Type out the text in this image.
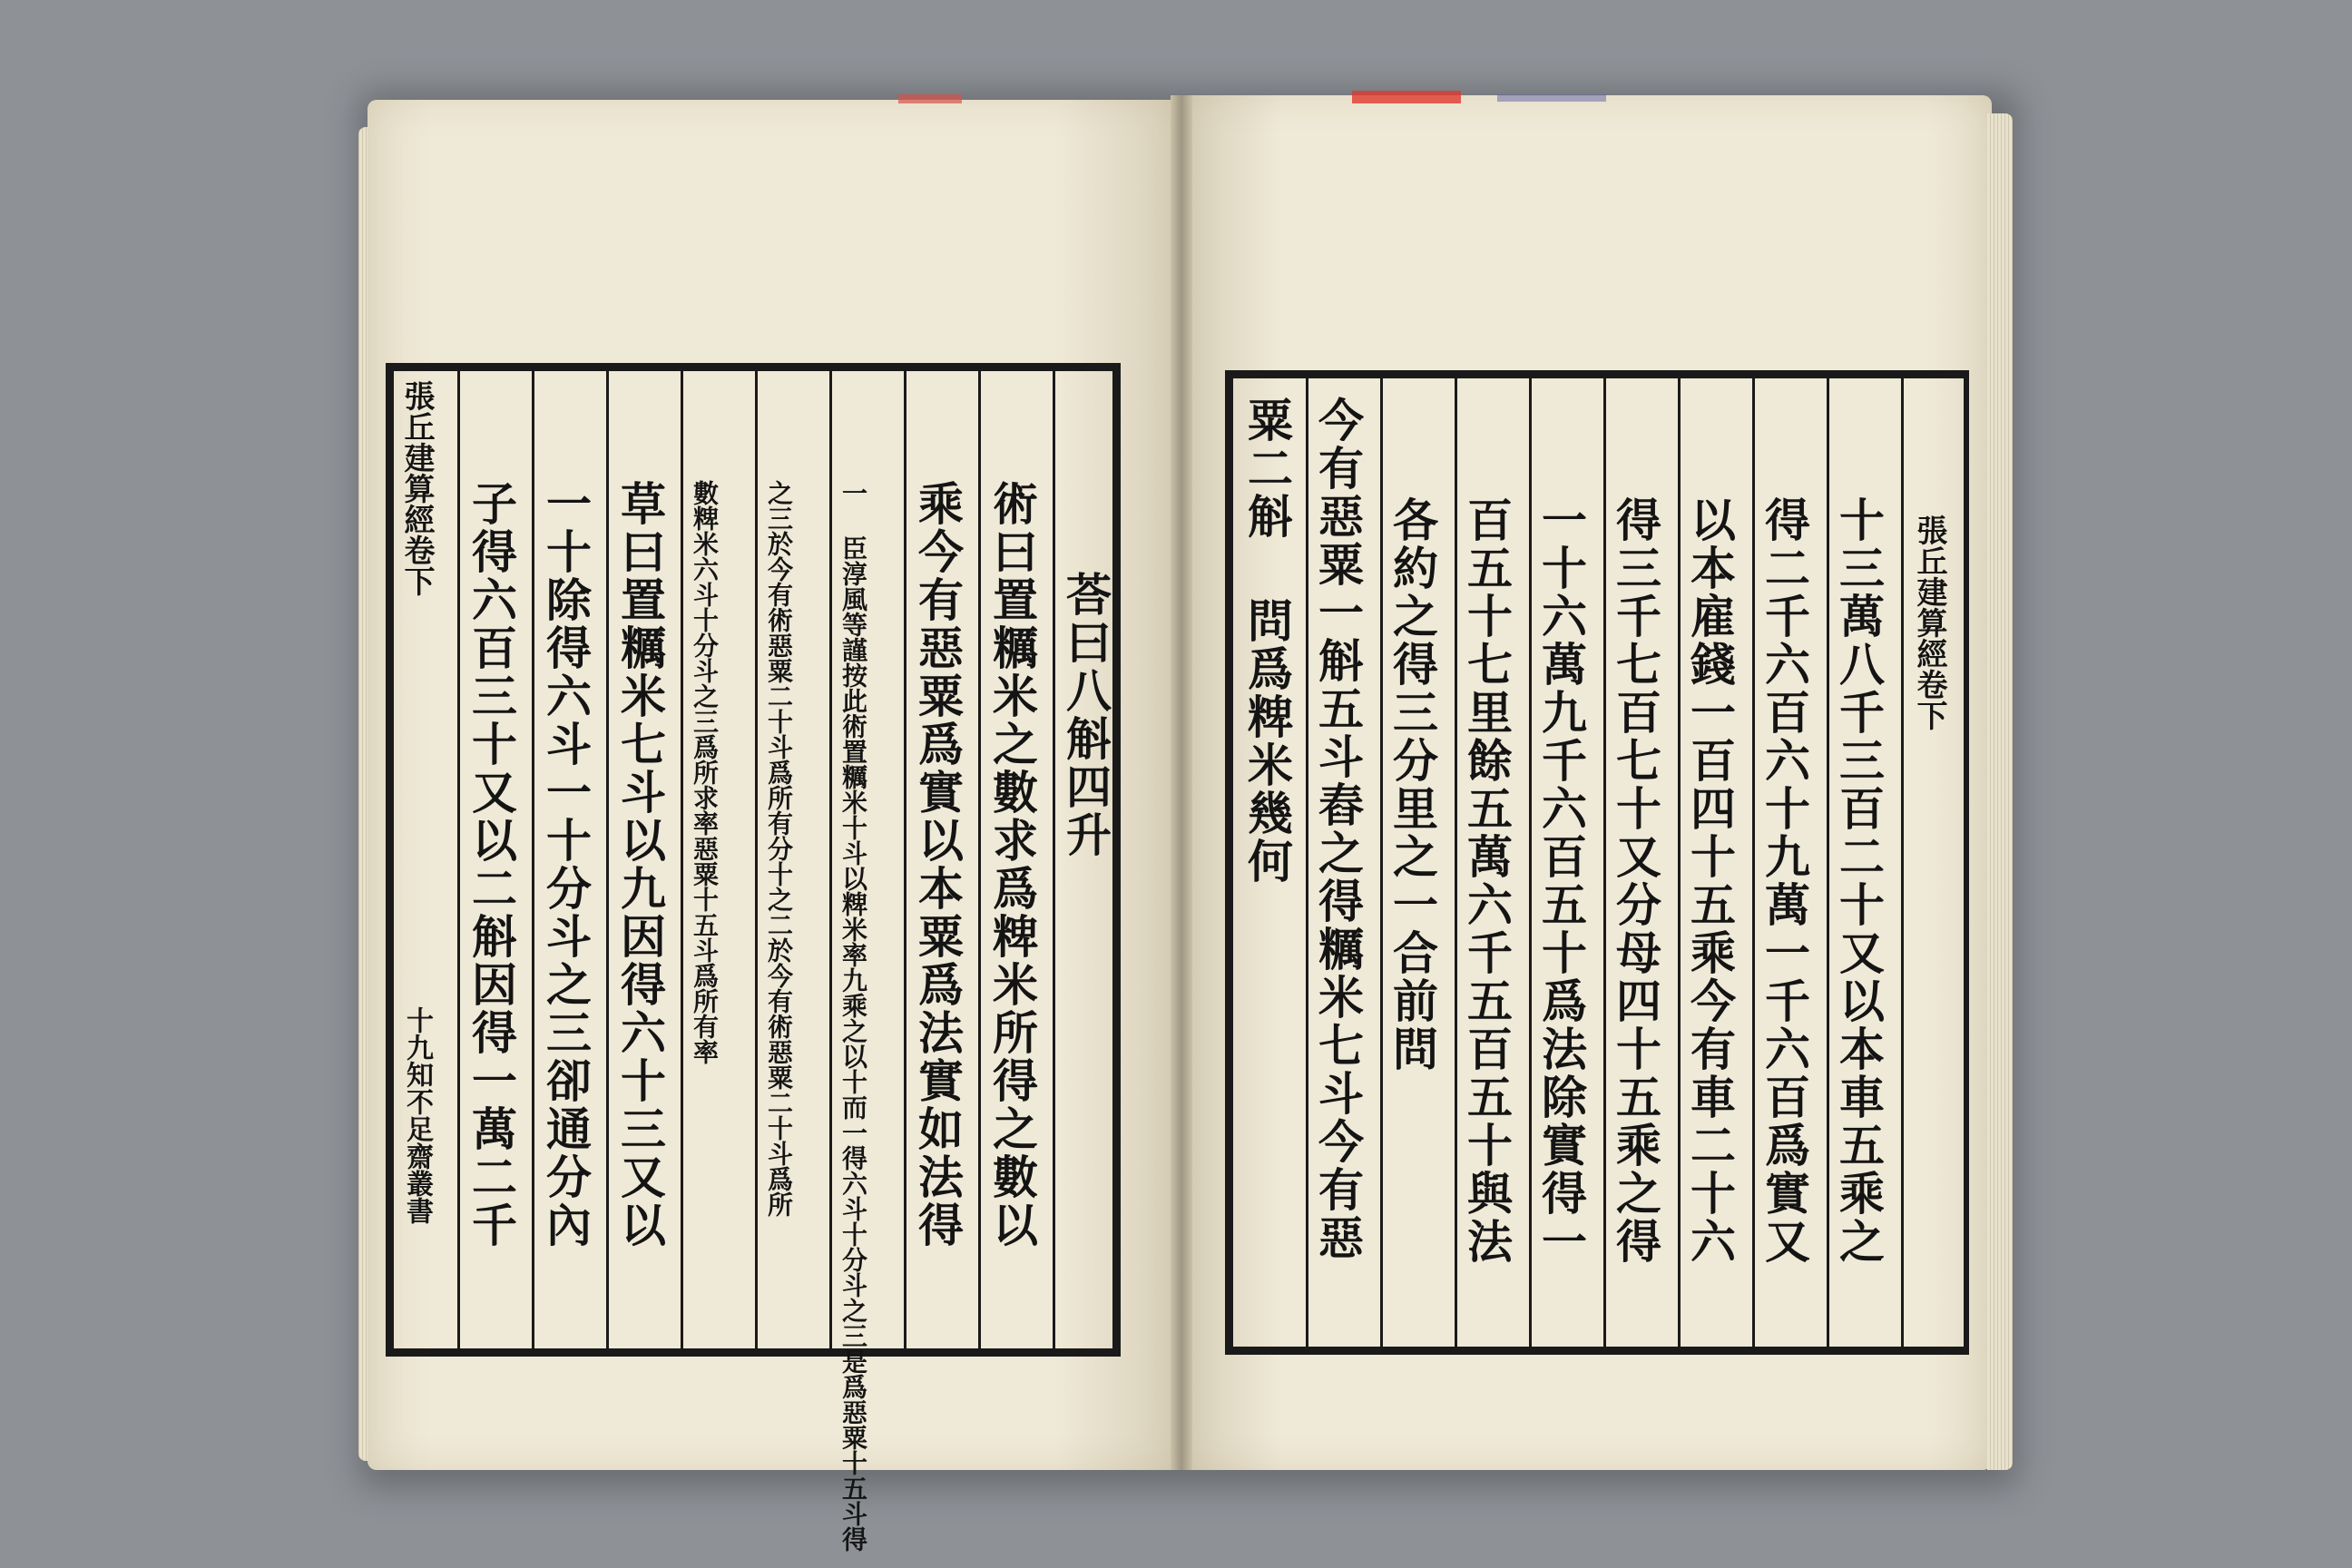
張丘建算經卷下
十九知不足齋叢書
荅曰八斛四升
術曰置糲米之數求爲粺米所得之數以
乘今有惡粟爲實以本粟爲法實如法得
一 臣淳風等謹按此術置糲米十斗以粺米率九乘之以十而一得六斗十分斗之三是爲惡粟十五斗得
之三於今有術惡粟二十斗爲所有分十之二於今有術惡粟二十斗爲所
數粺米六斗十分斗之三爲所求率惡粟十五斗爲所有率
草曰置糲米七斗以九因得六十三又以
一十除得六斗一十分斗之三卻通分內
子得六百三十又以二斛因得一萬二千	張丘建算經卷下
十三萬八千三百二十又以本車五乘之
得二千六百六十九萬一千六百爲實又
以本雇錢一百四十五乘今有車二十六
得三千七百七十又分母四十五乘之得
一十六萬九千六百五十爲法除實得一
百五十七里餘五萬六千五百五十與法
各約之得三分里之一合前問
今有惡粟一斛五斗舂之得糲米七斗今有惡
粟二斛 問爲粺米幾何
